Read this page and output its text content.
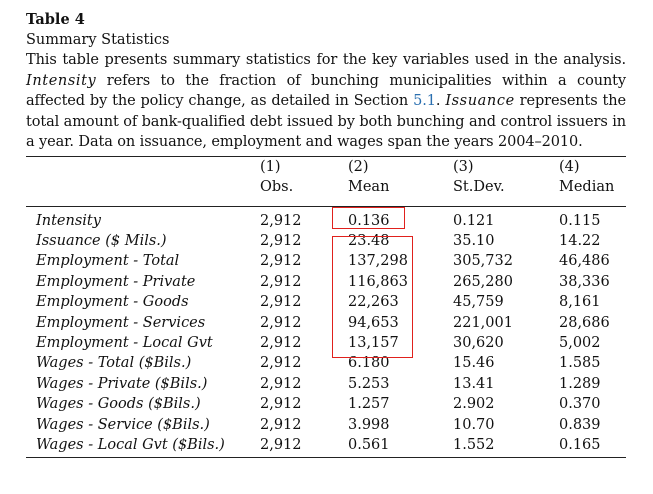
Table 4

Summary Statistics

This table presents summary statistics for the key variables used in the analysis. Intensity refers to the fraction of bunching municipalities within a county affected by the policy change, as detailed in Section 5.1. Issuance represents the total amount of bank-qualified debt issued by both bunching and control issuers in a year. Data on issuance, employment and wages span the years 2004–2010.

	(1)	(2)	(3)	(4)
	Obs.	Mean	St.Dev.	Median
Intensity	2,912	0.136	0.121	0.115
Issuance ($ Mils.)	2,912	23.48	35.10	14.22
Employment - Total	2,912	137,298	305,732	46,486
Employment - Private	2,912	116,863	265,280	38,336
Employment - Goods	2,912	22,263	45,759	8,161
Employment - Services	2,912	94,653	221,001	28,686
Employment - Local Gvt	2,912	13,157	30,620	5,002
Wages - Total ($Bils.)	2,912	6.180	15.46	1.585
Wages - Private ($Bils.)	2,912	5.253	13.41	1.289
Wages - Goods ($Bils.)	2,912	1.257	2.902	0.370
Wages - Service ($Bils.)	2,912	3.998	10.70	0.839
Wages - Local Gvt ($Bils.)	2,912	0.561	1.552	0.165
